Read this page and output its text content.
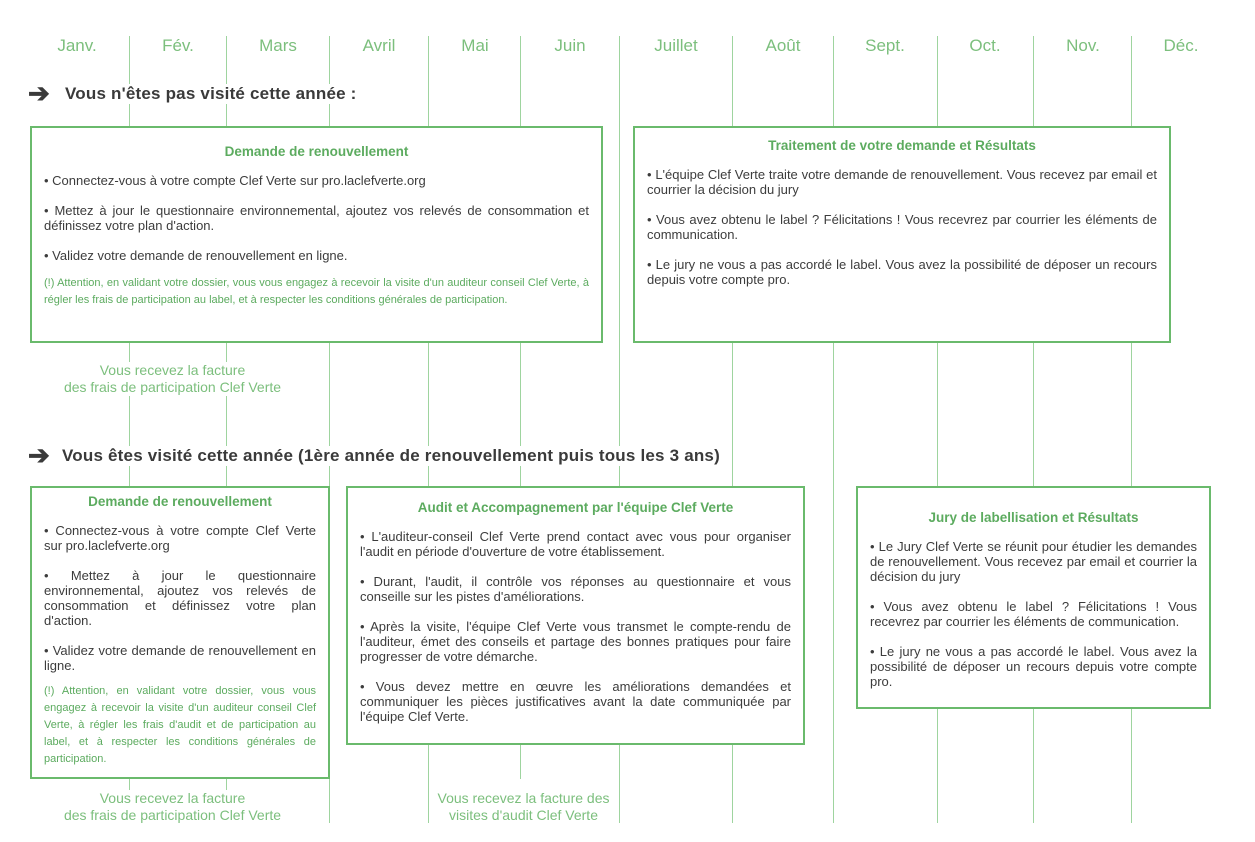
Janv.	Fév.	Mars	Avril	Mai	Juin	Juillet	Août	Sept.	Oct.	Nov.	Déc.
➔ Vous n'êtes pas visité cette année :
Demande de renouvellement

• Connectez-vous à votre compte Clef Verte sur pro.laclefverte.org

• Mettez à jour le questionnaire environnemental, ajoutez vos relevés de consommation et définissez votre plan d'action.

• Validez votre demande de renouvellement en ligne.

(!) Attention, en validant votre dossier, vous vous engagez à recevoir la visite d'un auditeur conseil Clef Verte, à régler les frais de participation au label, et à respecter les conditions générales de participation.

Traitement de votre demande et Résultats

• L'équipe Clef Verte traite votre demande de renouvellement. Vous recevez par email et courrier la décision du jury

• Vous avez obtenu le label ? Félicitations ! Vous recevrez par courrier les éléments de communication.

• Le jury ne vous a pas accordé le label. Vous avez la possibilité de déposer un recours depuis votre compte pro.

Vous recevez la facture
des frais de participation Clef Verte
➔ Vous êtes visité cette année (1ère année de renouvellement puis tous les 3 ans)
Demande de renouvellement

• Connectez-vous à votre compte Clef Verte sur pro.laclefverte.org

• Mettez à jour le questionnaire environnemental, ajoutez vos relevés de consommation et définissez votre plan d'action.

• Validez votre demande de renouvellement en ligne.

(!) Attention, en validant votre dossier, vous vous engagez à recevoir la visite d'un auditeur conseil Clef Verte, à régler les frais d'audit et de participation au label, et à respecter les conditions générales de participation.

Audit et Accompagnement par l'équipe Clef Verte

• L'auditeur-conseil Clef Verte prend contact avec vous pour organiser l'audit en période d'ouverture de votre établissement.

• Durant, l'audit, il contrôle vos réponses au questionnaire et vous conseille sur les pistes d'améliorations.

• Après la visite, l'équipe Clef Verte vous transmet le compte-rendu de l'auditeur, émet des conseils et partage des bonnes pratiques pour faire progresser de votre démarche.

• Vous devez mettre en œuvre les améliorations demandées et communiquer les pièces justificatives avant la date communiquée par l'équipe Clef Verte.

Jury de labellisation et Résultats

• Le Jury Clef Verte se réunit pour étudier les demandes de renouvellement. Vous recevez par email et courrier la décision du jury

• Vous avez obtenu le label ? Félicitations ! Vous recevrez par courrier les éléments de communication.

• Le jury ne vous a pas accordé le label. Vous avez la possibilité de déposer un recours depuis votre compte pro.

Vous recevez la facture
des frais de participation Clef Verte
Vous recevez la facture des
visites d'audit Clef Verte
